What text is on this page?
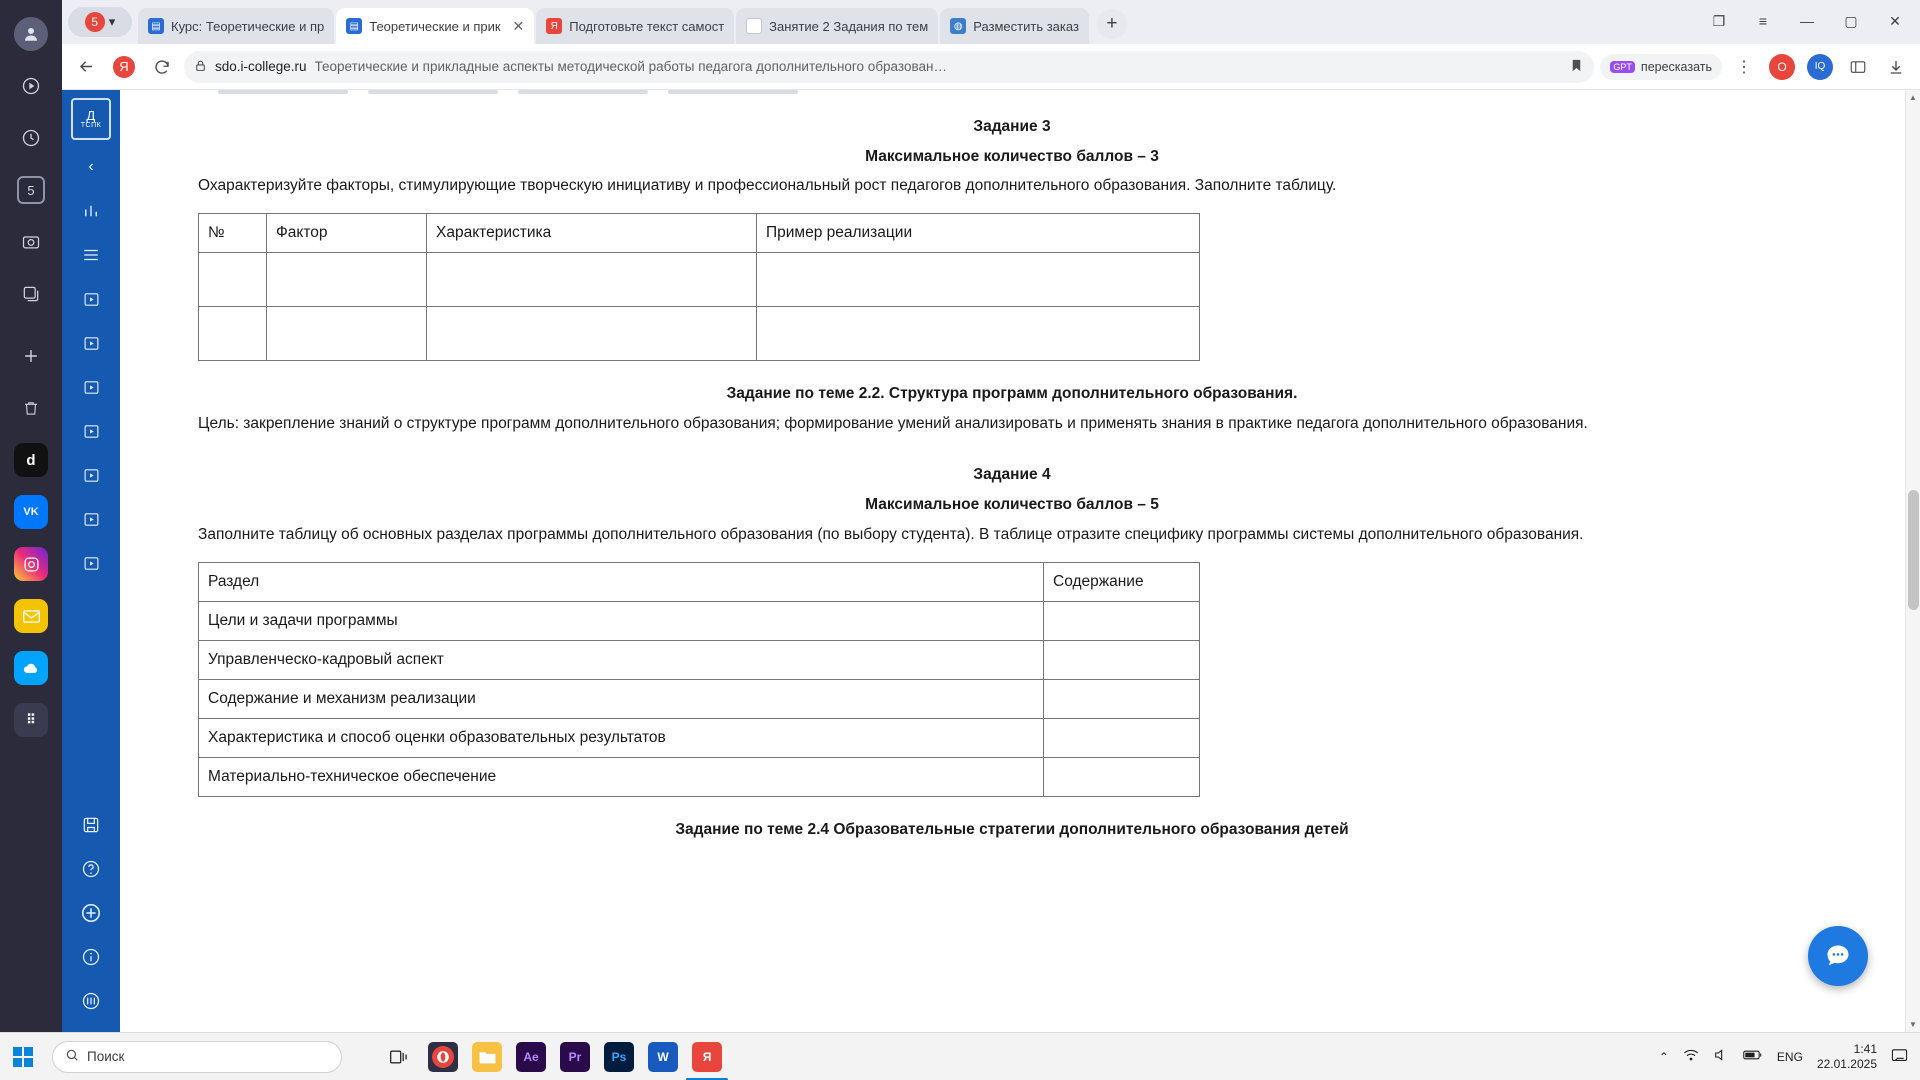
5
d
VK
⠿
5 ▾	▤ Курс: Теоретические и пр	▤ Теоретические и прик ✕	Я Подготовьте текст самост	▤ Занятие 2 Задания по тем	◍ Разместить заказ	+	❐	≡	—	▢	✕
Я	sdo.i-college.ru Теоретические и прикладные аспекты методической работы педагога дополнительного образован…	GPT пересказать	⋮	O	IQ
Д
ТСПК
‹
Задание 3
Максимальное количество баллов – 3
Охарактеризуйте факторы, стимулирующие творческую инициативу и профессиональный рост педагогов дополнительного образования. Заполните таблицу.
№	Фактор	Характеристика	Пример реализации

Задание по теме 2.2. Структура программ дополнительного образования.
Цель: закрепление знаний о структуре программ дополнительного образования; формирование умений анализировать и применять знания в практике педагога дополнительного образования.
Задание 4
Максимальное количество баллов – 5
Заполните таблицу об основных разделах программы дополнительного образования (по выбору студента). В таблице отразите специфику программы системы дополнительного образования.
Раздел	Содержание
Цели и задачи программы	
Управленческо-кадровый аспект	
Содержание и механизм реализации	
Характеристика и способ оценки образовательных результатов	
Материально-техническое обеспечение	
Задание по теме 2.4 Образовательные стратегии дополнительного образования детей
▲
▼
Поиск	Ae	Pr	Ps	W	Я	⌃	ENG
1:41
22.01.2025
